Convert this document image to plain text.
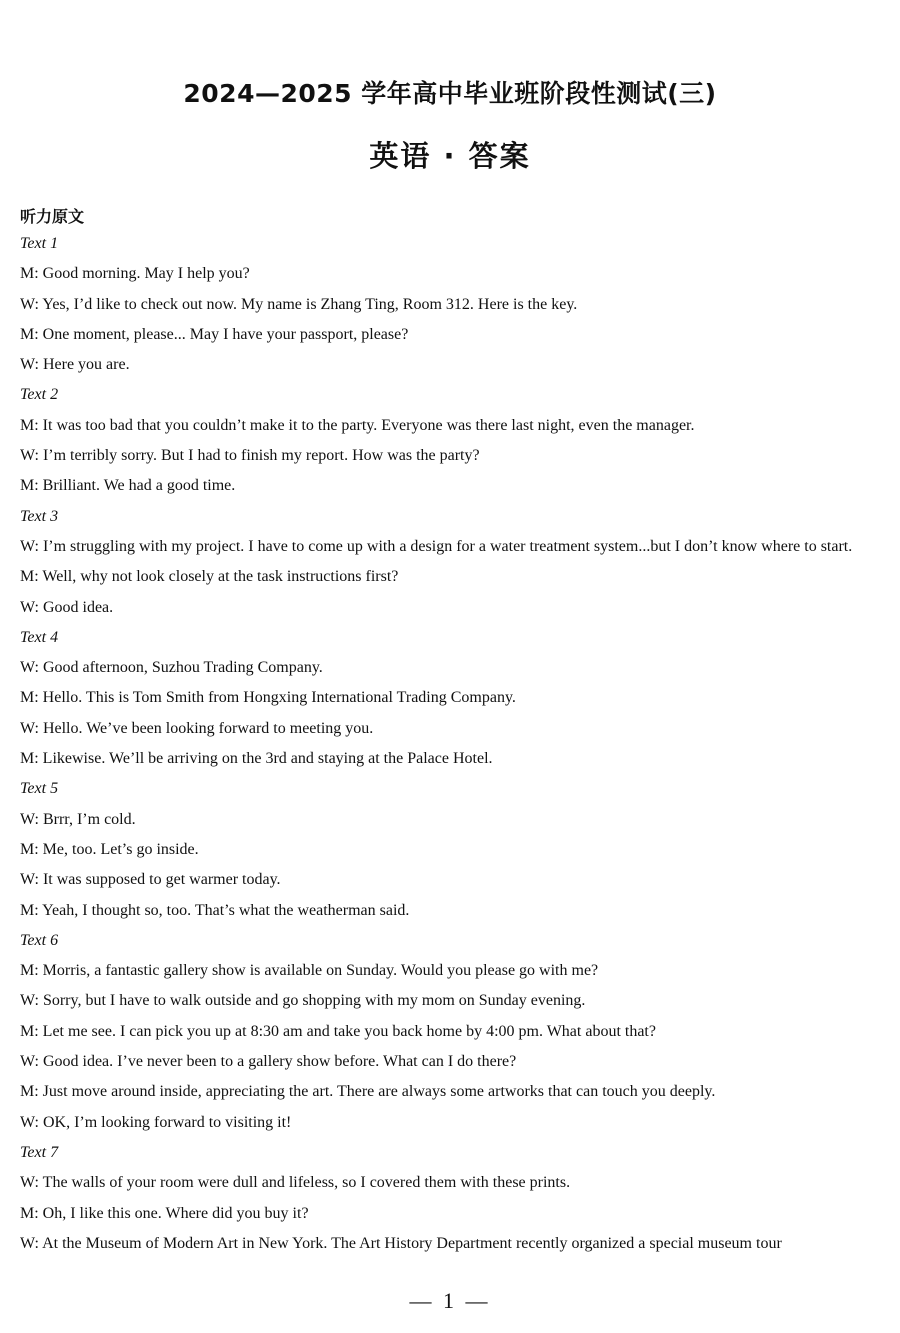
2024—2025 学年高中毕业班阶段性测试(三)
英语 · 答案
听力原文
Text 1
M: Good morning. May I help you?
W: Yes, I’d like to check out now. My name is Zhang Ting, Room 312. Here is the key.
M: One moment, please... May I have your passport, please?
W: Here you are.
Text 2
M: It was too bad that you couldn’t make it to the party. Everyone was there last night, even the manager.
W: I’m terribly sorry. But I had to finish my report. How was the party?
M: Brilliant. We had a good time.
Text 3
W: I’m struggling with my project. I have to come up with a design for a water treatment system...but I don’t know where to start.
M: Well, why not look closely at the task instructions first?
W: Good idea.
Text 4
W: Good afternoon, Suzhou Trading Company.
M: Hello. This is Tom Smith from Hongxing International Trading Company.
W: Hello. We’ve been looking forward to meeting you.
M: Likewise. We’ll be arriving on the 3rd and staying at the Palace Hotel.
Text 5
W: Brrr, I’m cold.
M: Me, too. Let’s go inside.
W: It was supposed to get warmer today.
M: Yeah, I thought so, too. That’s what the weatherman said.
Text 6
M: Morris, a fantastic gallery show is available on Sunday. Would you please go with me?
W: Sorry, but I have to walk outside and go shopping with my mom on Sunday evening.
M: Let me see. I can pick you up at 8:30 am and take you back home by 4:00 pm. What about that?
W: Good idea. I’ve never been to a gallery show before. What can I do there?
M: Just move around inside, appreciating the art. There are always some artworks that can touch you deeply.
W: OK, I’m looking forward to visiting it!
Text 7
W: The walls of your room were dull and lifeless, so I covered them with these prints.
M: Oh, I like this one. Where did you buy it?
W: At the Museum of Modern Art in New York. The Art History Department recently organized a special museum tour
— 1 —
